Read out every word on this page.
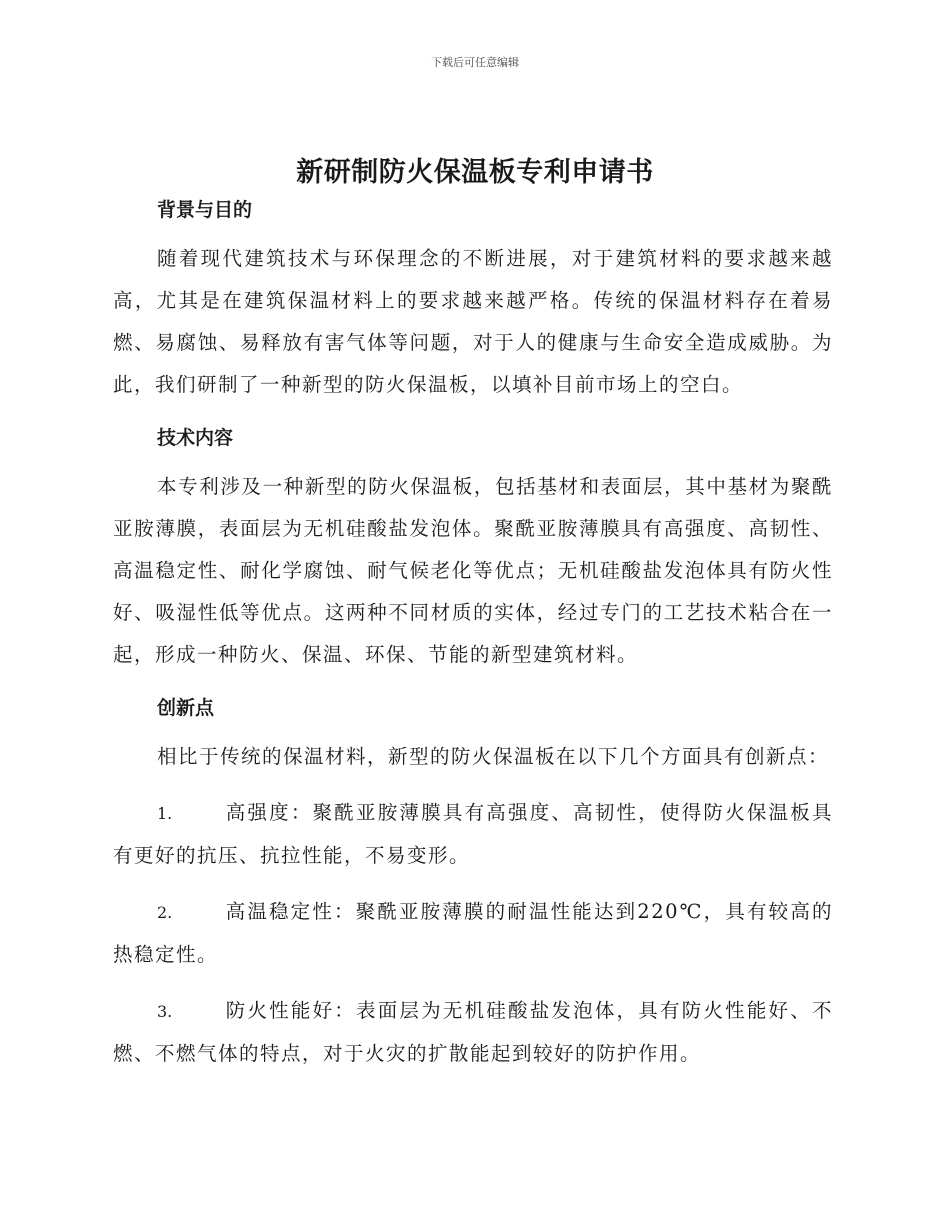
下载后可任意编辑
新研制防火保温板专利申请书

背景与目的

随着现代建筑技术与环保理念的不断进展，对于建筑材料的要求越来越高，尤其是在建筑保温材料上的要求越来越严格。传统的保温材料存在着易燃、易腐蚀、易释放有害气体等问题，对于人的健康与生命安全造成威胁。为此，我们研制了一种新型的防火保温板，以填补目前市场上的空白。

技术内容

本专利涉及一种新型的防火保温板，包括基材和表面层，其中基材为聚酰亚胺薄膜，表面层为无机硅酸盐发泡体。聚酰亚胺薄膜具有高强度、高韧性、高温稳定性、耐化学腐蚀、耐气候老化等优点；无机硅酸盐发泡体具有防火性好、吸湿性低等优点。这两种不同材质的实体，经过专门的工艺技术粘合在一起，形成一种防火、保温、环保、节能的新型建筑材料。

创新点

相比于传统的保温材料，新型的防火保温板在以下几个方面具有创新点：

1.	高强度：聚酰亚胺薄膜具有高强度、高韧性，使得防火保温板具有更好的抗压、抗拉性能，不易变形。

2.	高温稳定性：聚酰亚胺薄膜的耐温性能达到220℃，具有较高的热稳定性。

3.	防火性能好：表面层为无机硅酸盐发泡体，具有防火性能好、不燃、不燃气体的特点，对于火灾的扩散能起到较好的防护作用。
